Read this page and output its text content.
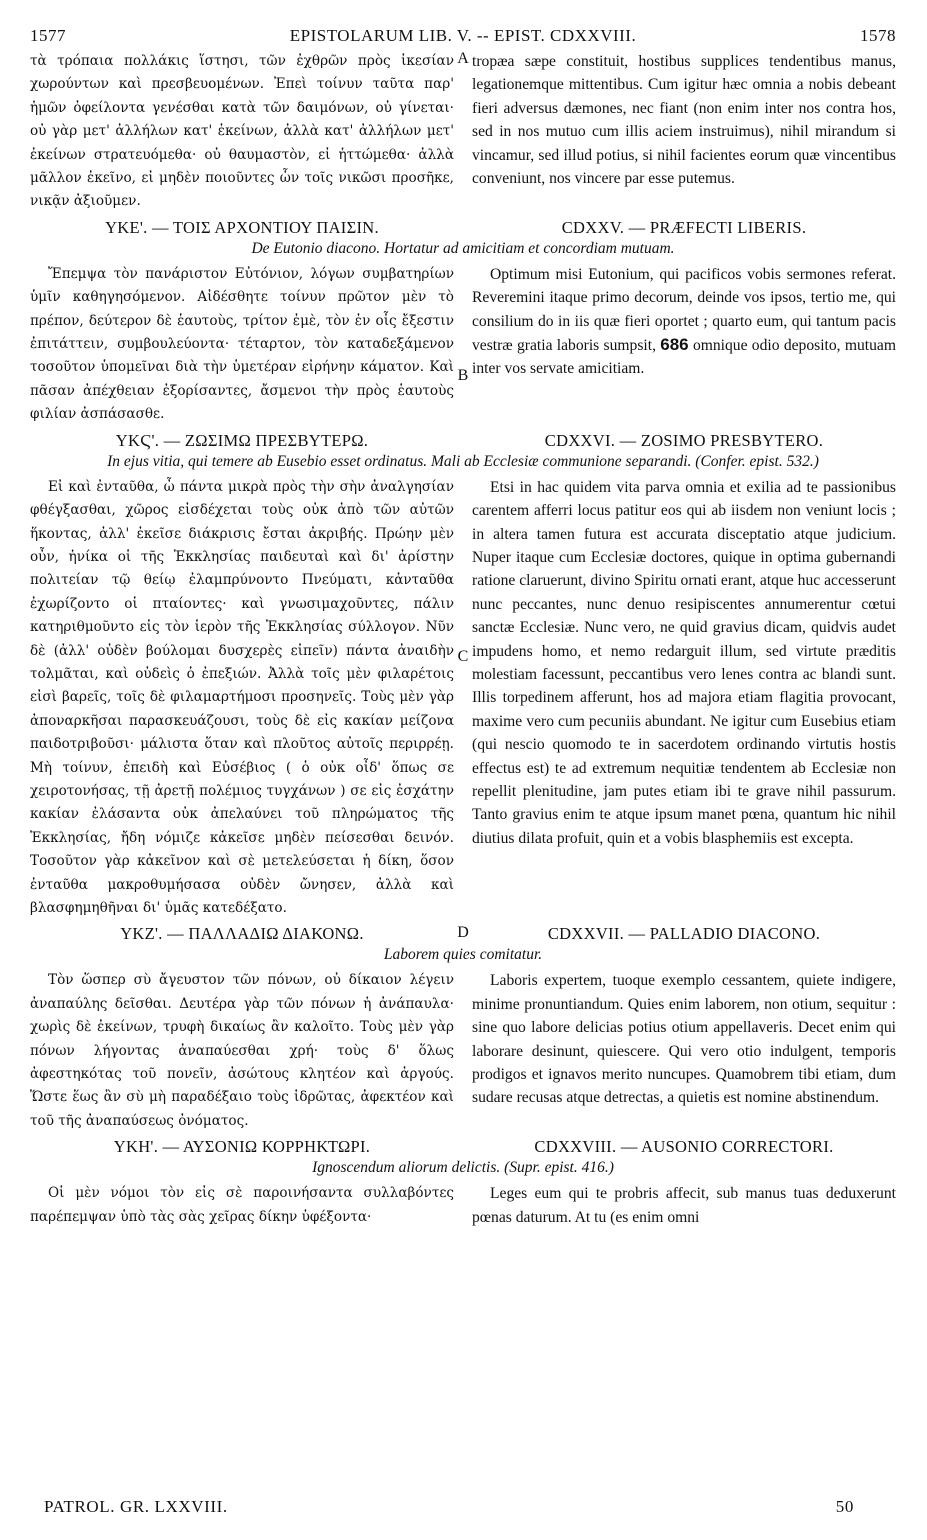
1577	EPISTOLARUM LIB. V. -- EPIST. CDXXVIII.	1578
τὰ τρόπαια πολλάκις ἵστησι, τῶν ἐχθρῶν πρὸς ἱκεσίαν χωρούντων καὶ πρεσβευομένων. Ἐπεὶ τοίνυν ταῦτα παρ' ἡμῶν ὀφείλοντα γενέσθαι κατὰ τῶν δαιμόνων, οὐ γίνεται· οὐ γὰρ μετ' ἀλλήλων κατ' ἐκείνων, ἀλλὰ κατ' ἀλλήλων μετ' ἐκείνων στρατευόμεθα· οὐ θαυμαστὸν, εἰ ἡττώμεθα· ἀλλὰ μᾶλλον ἐκεῖνο, εἰ μηδὲν ποιοῦντες ὧν τοῖς νικῶσι προσῆκε, νικᾷν ἀξιοῦμεν.
A tropæa sæpe constituit, hostibus supplices tendentibus manus, legationemque mittentibus. Cum igitur hæc omnia a nobis debeant fieri adversus dæmones, nec fiant (non enim inter nos contra hos, sed in nos mutuo cum illis aciem instruimus), nihil mirandum si vincamur, sed illud potius, si nihil facientes eorum quæ vincentibus conveniunt, nos vincere par esse putemus.
ΥΚΕ'. — ΤΟΙΣ ΑΡΧΟΝΤΙΟΥ ΠΑΙΣΙΝ.	CDXXV. — PRÆFECTI LIBERIS.
De Eutonio diacono. Hortatur ad amicitiam et concordiam mutuam.
Ἔπεμψα τὸν πανάριστον Εὐτόνιον, λόγων συμβατηρίων ὑμῖν καθηγησόμενον. Αἰδέσθητε τοίνυν πρῶτον μὲν τὸ πρέπον, δεύτερον δὲ ἑαυτοὺς, τρίτον ἐμὲ, τὸν ἐν οἷς ἔξεστιν ἐπιτάττειν, συμβουλεύοντα· τέταρτον, τὸν καταδεξάμενον τοσοῦτον ὑπομεῖναι διὰ τὴν ὑμετέραν εἰρήνην κάματον. Καὶ πᾶσαν ἀπέχθειαν ἐξορίσαντες, ἄσμενοι τὴν πρὸς ἑαυτοὺς φιλίαν ἀσπάσασθε.
B
Optimum misi Eutonium, qui pacificos vobis sermones referat. Reveremini itaque primo decorum, deinde vos ipsos, tertio me, qui consilium do in iis quæ fieri oportet ; quarto eum, qui tantum pacis vestræ gratia laboris sumpsit, 686 omnique odio deposito, mutuam inter vos servate amicitiam.
ΥΚϚ'. — ΖΩΣΙΜΩ ΠΡΕΣΒΥΤΕΡΩ.	CDXXVI. — ZOSIMO PRESBYTERO.
In ejus vitia, qui temere ab Eusebio esset ordinatus. Mali ab Ecclesiæ communione separandi. (Confer. epist. 532.)
Εἰ καὶ ἐνταῦθα, ὦ πάντα μικρὰ πρὸς τὴν σὴν ἀναλγησίαν φθέγξασθαι, χῶρος εἰσδέχεται τοὺς οὐκ ἀπὸ τῶν αὐτῶν ἥκοντας, ἀλλ' ἐκεῖσε διάκρισις ἔσται ἀκριβής. Πρώην μὲν οὖν, ἡνίκα οἱ τῆς Ἐκκλησίας παιδευταὶ καὶ δι' ἀρίστην πολιτείαν τῷ θείῳ ἐλαμπρύνοντο Πνεύματι, κἀνταῦθα ἐχωρίζοντο οἱ πταίοντες· καὶ γνωσιμαχοῦντες, πάλιν κατηριθμοῦντο εἰς τὸν ἱερὸν τῆς Ἐκκλησίας σύλλογον. Νῦν δὲ (ἀλλ' οὐδὲν βούλομαι δυσχερὲς εἰπεῖν) πάντα ἀναιδὴν τολμᾶται, καὶ οὐδεὶς ὁ ἐπεξιών. Ἀλλὰ τοῖς μὲν φιλαρέτοις εἰσὶ βαρεῖς, τοῖς δὲ φιλαμαρτήμοσι προσηνεῖς. Τοὺς μὲν γὰρ ἀποναρκῆσαι παρασκευάζουσι, τοὺς δὲ εἰς κακίαν μείζονα παιδοτριβοῦσι· μάλιστα ὅταν καὶ πλοῦτος αὐτοῖς περιρρέῃ. Μὴ τοίνυν, ἐπειδὴ καὶ Εὐσέβιος ( ὁ οὐκ οἶδ' ὅπως σε χειροτονήσας, τῇ ἀρετῇ πολέμιος τυγχάνων ) σε εἰς ἐσχάτην κακίαν ἐλάσαντα οὐκ ἀπελαύνει τοῦ πληρώματος τῆς Ἐκκλησίας, ἤδη νόμιζε κἀκεῖσε μηδὲν πείσεσθαι δεινόν. Τοσοῦτον γὰρ κἀκεῖνον καὶ σὲ μετελεύσεται ἡ δίκη, ὅσον ἐνταῦθα μακροθυμήσασα οὐδὲν ὤνησεν, ἀλλὰ καὶ βλασφημηθῆναι δι' ὑμᾶς κατεδέξατο.
C
Etsi in hac quidem vita parva omnia et exilia ad te passionibus carentem afferri locus patitur eos qui ab iisdem non veniunt locis ; in altera tamen futura est accurata disceptatio atque judicium. Nuper itaque cum Ecclesiæ doctores, quique in optima gubernandi ratione claruerunt, divino Spiritu ornati erant, atque huc accesserunt nunc peccantes, nunc denuo resipiscentes annumerentur cœtui sanctæ Ecclesiæ. Nunc vero, ne quid gravius dicam, quidvis audet impudens homo, et nemo redarguit illum, sed virtute præditis molestiam facessunt, peccantibus vero lenes contra ac blandi sunt. Illis torpedinem afferunt, hos ad majora etiam flagitia provocant, maxime vero cum pecuniis abundant. Ne igitur cum Eusebius etiam (qui nescio quomodo te in sacerdotem ordinando virtutis hostis effectus est) te ad extremum nequitiæ tendentem ab Ecclesiæ non repellit plenitudine, jam putes etiam ibi te grave nihil passurum. Tanto gravius enim te atque ipsum manet pœna, quantum hic nihil diutius dilata profuit, quin et a vobis blasphemiis est excepta.
ΥΚΖ'. — ΠΑΛΛΑΔΙΩ ΔΙΑΚΟΝΩ.	D	CDXXVII. — PALLADIO DIACONO.
Laborem quies comitatur.
Τὸν ὥσπερ σὺ ἄγευστον τῶν πόνων, οὐ δίκαιον λέγειν ἀναπαύλης δεῖσθαι. Δευτέρα γὰρ τῶν πόνων ἡ ἀνάπαυλα· χωρὶς δὲ ἐκείνων, τρυφὴ δικαίως ἂν καλοῖτο. Τοὺς μὲν γὰρ πόνων λήγοντας ἀναπαύεσθαι χρή· τοὺς δ' ὅλως ἀφεστηκότας τοῦ πονεῖν, ἀσώτους κλητέον καὶ ἀργούς. Ὥστε ἕως ἂν σὺ μὴ παραδέξαιο τοὺς ἱδρῶτας, ἀφεκτέον καὶ τοῦ τῆς ἀναπαύσεως ὀνόματος.
Laboris expertem, tuoque exemplo cessantem, quiete indigere, minime pronuntiandum. Quies enim laborem, non otium, sequitur : sine quo labore delicias potius otium appellaveris. Decet enim qui laborare desinunt, quiescere. Qui vero otio indulgent, temporis prodigos et ignavos merito nuncupes. Quamobrem tibi etiam, dum sudare recusas atque detrectas, a quietis est nomine abstinendum.
ΥΚΗ'. — ΑΥΣΟΝΙΩ ΚΟΡΡΗΚΤΩΡΙ.	CDXXVIII. — AUSONIO CORRECTORI.
Ignoscendum aliorum delictis. (Supr. epist. 416.)
Οἱ μὲν νόμοι τὸν εἰς σὲ παροινήσαντα συλλαβόντες παρέπεμψαν ὑπὸ τὰς σὰς χεῖρας δίκην ὑφέξοντα·
Leges eum qui te probris affecit, sub manus tuas deduxerunt pœnas daturum. At tu (es enim omni
PATROL. GR. LXXVIII.	50
